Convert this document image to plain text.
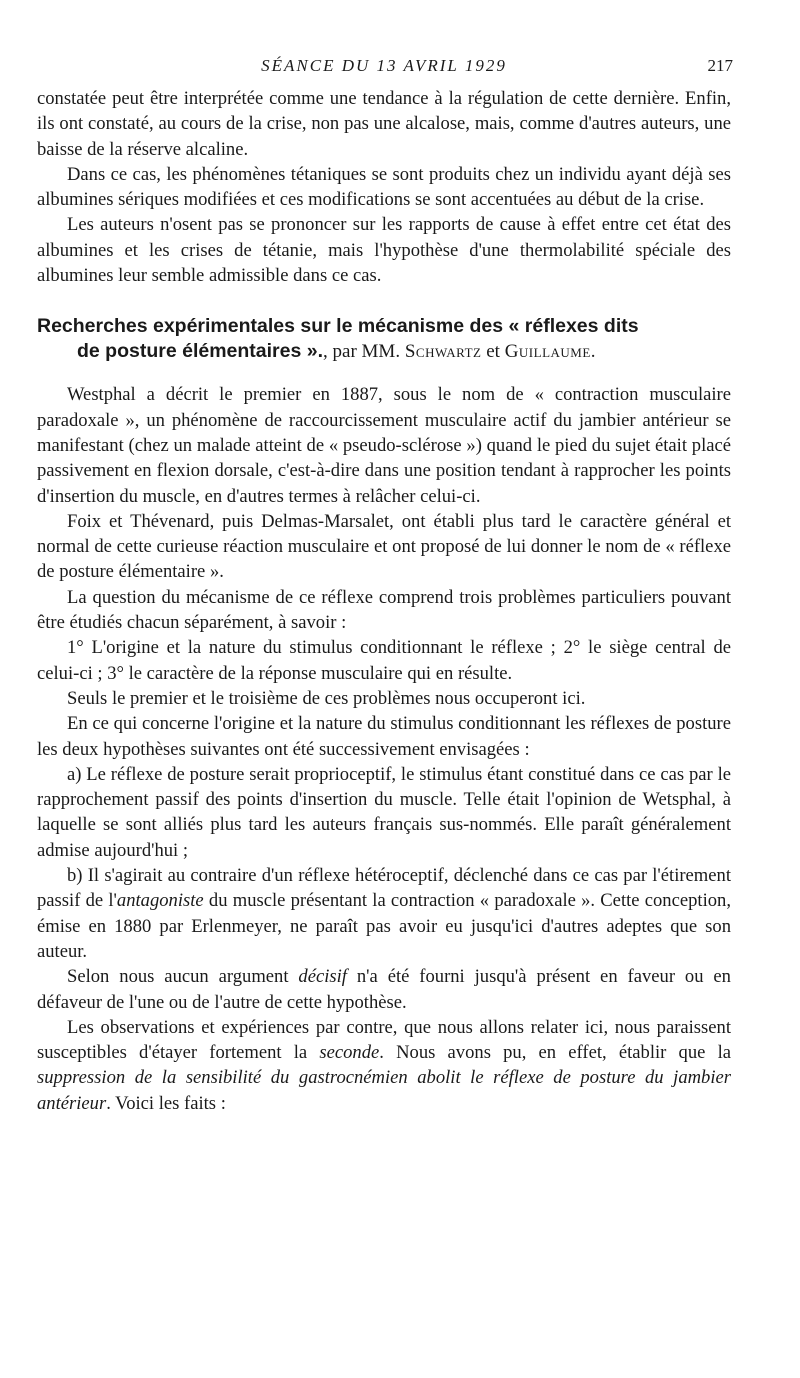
SÉANCE DU 13 AVRIL 1929	217

constatée peut être interprétée comme une tendance à la régulation de cette dernière. Enfin, ils ont constaté, au cours de la crise, non pas une alcalose, mais, comme d'autres auteurs, une baisse de la réserve alcaline.

Dans ce cas, les phénomènes tétaniques se sont produits chez un individu ayant déjà ses albumines sériques modifiées et ces modifications se sont accentuées au début de la crise.

Les auteurs n'osent pas se prononcer sur les rapports de cause à effet entre cet état des albumines et les crises de tétanie, mais l'hypothèse d'une thermolabilité spéciale des albumines leur semble admissible dans ce cas.

Recherches expérimentales sur le mécanisme des « réflexes dits
de posture élémentaires »., par MM. Schwartz et Guillaume.

Westphal a décrit le premier en 1887, sous le nom de « contraction musculaire paradoxale », un phénomène de raccourcissement musculaire actif du jambier antérieur se manifestant (chez un malade atteint de « pseudo-sclérose ») quand le pied du sujet était placé passivement en flexion dorsale, c'est-à-dire dans une position tendant à rapprocher les points d'insertion du muscle, en d'autres termes à relâcher celui-ci.

Foix et Thévenard, puis Delmas-Marsalet, ont établi plus tard le caractère général et normal de cette curieuse réaction musculaire et ont proposé de lui donner le nom de « réflexe de posture élémentaire ».

La question du mécanisme de ce réflexe comprend trois problèmes particuliers pouvant être étudiés chacun séparément, à savoir :

1° L'origine et la nature du stimulus conditionnant le réflexe ; 2° le siège central de celui-ci ; 3° le caractère de la réponse musculaire qui en résulte.

Seuls le premier et le troisième de ces problèmes nous occuperont ici.

En ce qui concerne l'origine et la nature du stimulus conditionnant les réflexes de posture les deux hypothèses suivantes ont été successivement envisagées :

a) Le réflexe de posture serait proprioceptif, le stimulus étant constitué dans ce cas par le rapprochement passif des points d'insertion du muscle. Telle était l'opinion de Wetsphal, à laquelle se sont alliés plus tard les auteurs français sus-nommés. Elle paraît généralement admise aujourd'hui ;

b) Il s'agirait au contraire d'un réflexe hétéroceptif, déclenché dans ce cas par l'étirement passif de l'antagoniste du muscle présentant la contraction « paradoxale ». Cette conception, émise en 1880 par Erlenmeyer, ne paraît pas avoir eu jusqu'ici d'autres adeptes que son auteur.

Selon nous aucun argument décisif n'a été fourni jusqu'à présent en faveur ou en défaveur de l'une ou de l'autre de cette hypothèse.

Les observations et expériences par contre, que nous allons relater ici, nous paraissent susceptibles d'étayer fortement la seconde. Nous avons pu, en effet, établir que la suppression de la sensibilité du gastrocnémien abolit le réflexe de posture du jambier antérieur. Voici les faits :
